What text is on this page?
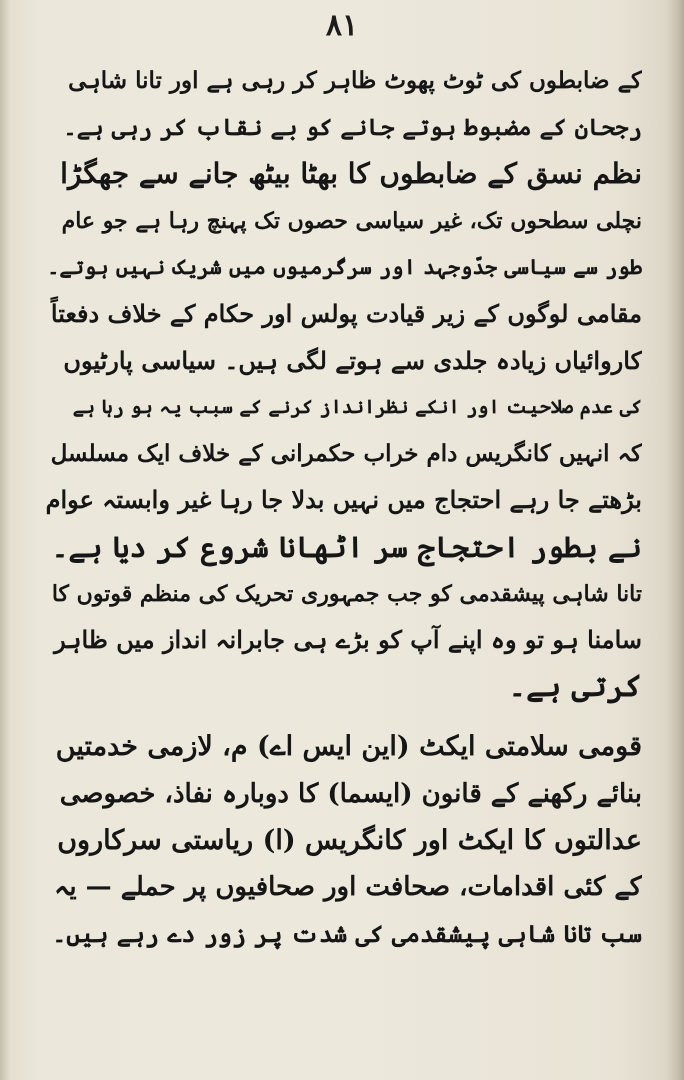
۸۱
کے ضابطوں کی ٹوٹ پھوٹ ظاہر کر رہی ہے اور تانا شاہی
رجحان کے مضبوط ہوتے جانے کو بے نقاب کر رہی ہے۔
نظم نسق کے ضابطوں کا بھٹا بیٹھ جانے سے جھگڑا
نچلی سطحوں تک، غیر سیاسی حصوں تک پہنچ رہا ہے جو عام
طور سے سیاسی جدّوجہد اور سرگرمیوں میں شریک نہیں ہوتے۔
مقامی لوگوں کے زیر قیادت پولس اور حکام کے خلاف دفعتاً
کاروائیاں زیادہ جلدی سے ہوتے لگی ہیں۔ سیاسی پارٹیوں
کی عدم صلاحیت اور انکے نظرانداز کرنے کے سبب یہ ہو رہا ہے
کہ انہیں کانگریس دام خراب حکمرانی کے خلاف ایک مسلسل
بڑھتے جا رہے احتجاج میں نہیں بدلا جا رہا غیر وابستہ عوام
نے بطور احتجاج سر اٹھانا شروع کر دیا ہے۔
تانا شاہی پیشقدمی کو جب جمہوری تحریک کی منظم قوتوں کا
سامنا ہو تو وہ اپنے آپ کو بڑے ہی جابرانہ انداز میں ظاہر
کرتی ہے۔
قومی سلامتی ایکٹ (این ایس اے) م، لازمی خدمتیں
بنائے رکھنے کے قانون (ایسما) کا دوبارہ نفاذ، خصوصی
عدالتوں کا ایکٹ اور کانگریس (ا) ریاستی سرکاروں
کے کئی اقدامات، صحافت اور صحافیوں پر حملے — یہ
سب تانا شاہی پیشقدمی کی شدت پر زور دے رہے ہیں۔
